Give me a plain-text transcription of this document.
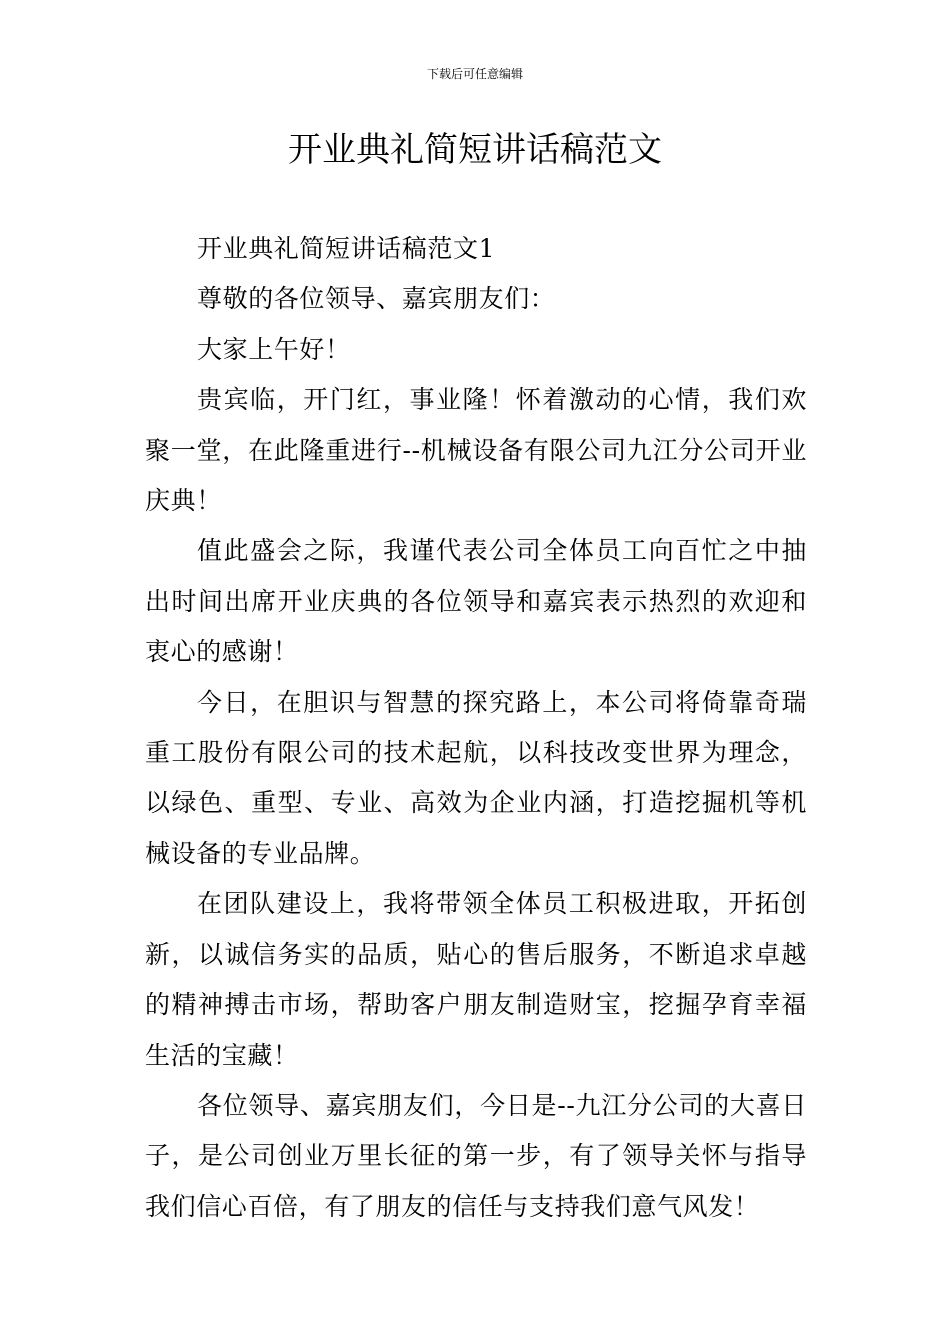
下载后可任意编辑
开业典礼简短讲话稿范文

开业典礼简短讲话稿范文1

尊敬的各位领导、嘉宾朋友们：

大家上午好！

贵宾临，开门红，事业隆！怀着激动的心情，我们欢聚一堂，在此隆重进行--机械设备有限公司九江分公司开业庆典！

值此盛会之际，我谨代表公司全体员工向百忙之中抽出时间出席开业庆典的各位领导和嘉宾表示热烈的欢迎和衷心的感谢！

今日，在胆识与智慧的探究路上，本公司将倚靠奇瑞重工股份有限公司的技术起航，以科技改变世界为理念，以绿色、重型、专业、高效为企业内涵，打造挖掘机等机械设备的专业品牌。

在团队建设上，我将带领全体员工积极进取，开拓创新，以诚信务实的品质，贴心的售后服务，不断追求卓越的精神搏击市场，帮助客户朋友制造财宝，挖掘孕育幸福生活的宝藏！

各位领导、嘉宾朋友们，今日是--九江分公司的大喜日子，是公司创业万里长征的第一步，有了领导关怀与指导我们信心百倍，有了朋友的信任与支持我们意气风发！
